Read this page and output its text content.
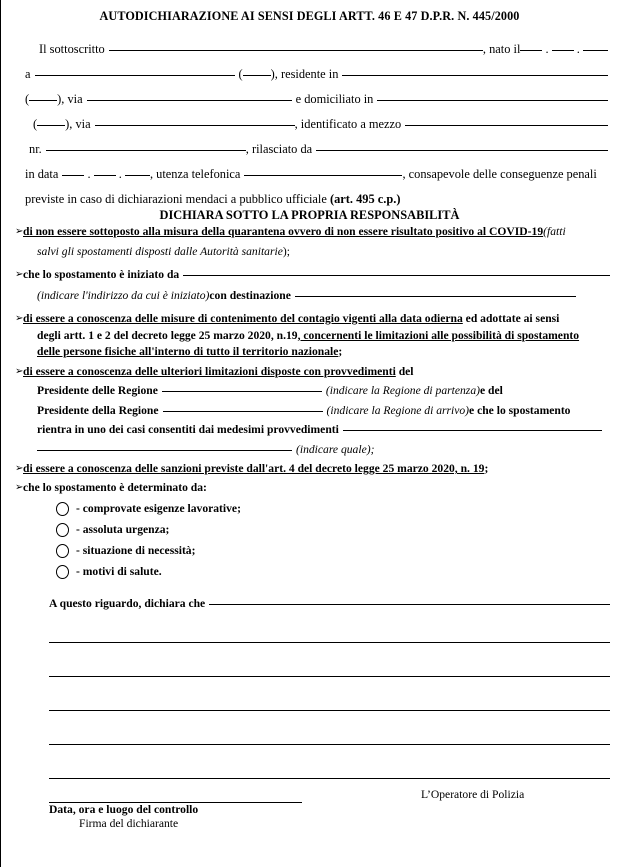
AUTODICHIARAZIONE AI SENSI DEGLI ARTT. 46 E 47 D.P.R. N. 445/2000
Il sottoscritto	, nato il . .
a	( ), residente in
( ), via	e domiciliato in
( ), via	, identificato a mezzo
nr.	, rilasciato da
in data . . , utenza telefonica	, consapevole delle conseguenze penali
previste in caso di dichiarazioni mendaci a pubblico ufficiale (art. 495 c.p.)
DICHIARA SOTTO LA PROPRIA RESPONSABILITÀ
➢ di non essere sottoposto alla misura della quarantena ovvero di non essere risultato positivo al COVID-19(fatti
salvi gli spostamenti disposti dalle Autorità sanitarie);
➢ che lo spostamento è iniziato da
(indicare l'indirizzo da cui è iniziato) con destinazione
➢ di essere a conoscenza delle misure di contenimento del contagio vigenti alla data odierna ed adottate ai sensi
degli artt. 1 e 2 del decreto legge 25 marzo 2020, n.19, concernenti le limitazioni alle possibilità di spostamento
delle persone fisiche all'interno di tutto il territorio nazionale;
➢ di essere a conoscenza delle ulteriori limitazioni disposte con provvedimenti del
Presidente delle Regione	(indicare la Regione di partenza) e del
Presidente della Regione	(indicare la Regione di arrivo) e che lo spostamento
rientra in uno dei casi consentiti dai medesimi provvedimenti
(indicare quale);
➢ di essere a conoscenza delle sanzioni previste dall'art. 4 del decreto legge 25 marzo 2020, n. 19;
➢ che lo spostamento è determinato da:
- comprovate esigenze lavorative;
- assoluta urgenza;
- situazione di necessità;
- motivi di salute.
A questo riguardo, dichiara che
Data, ora e luogo del controllo
Firma del dichiarante
L’Operatore di Polizia
